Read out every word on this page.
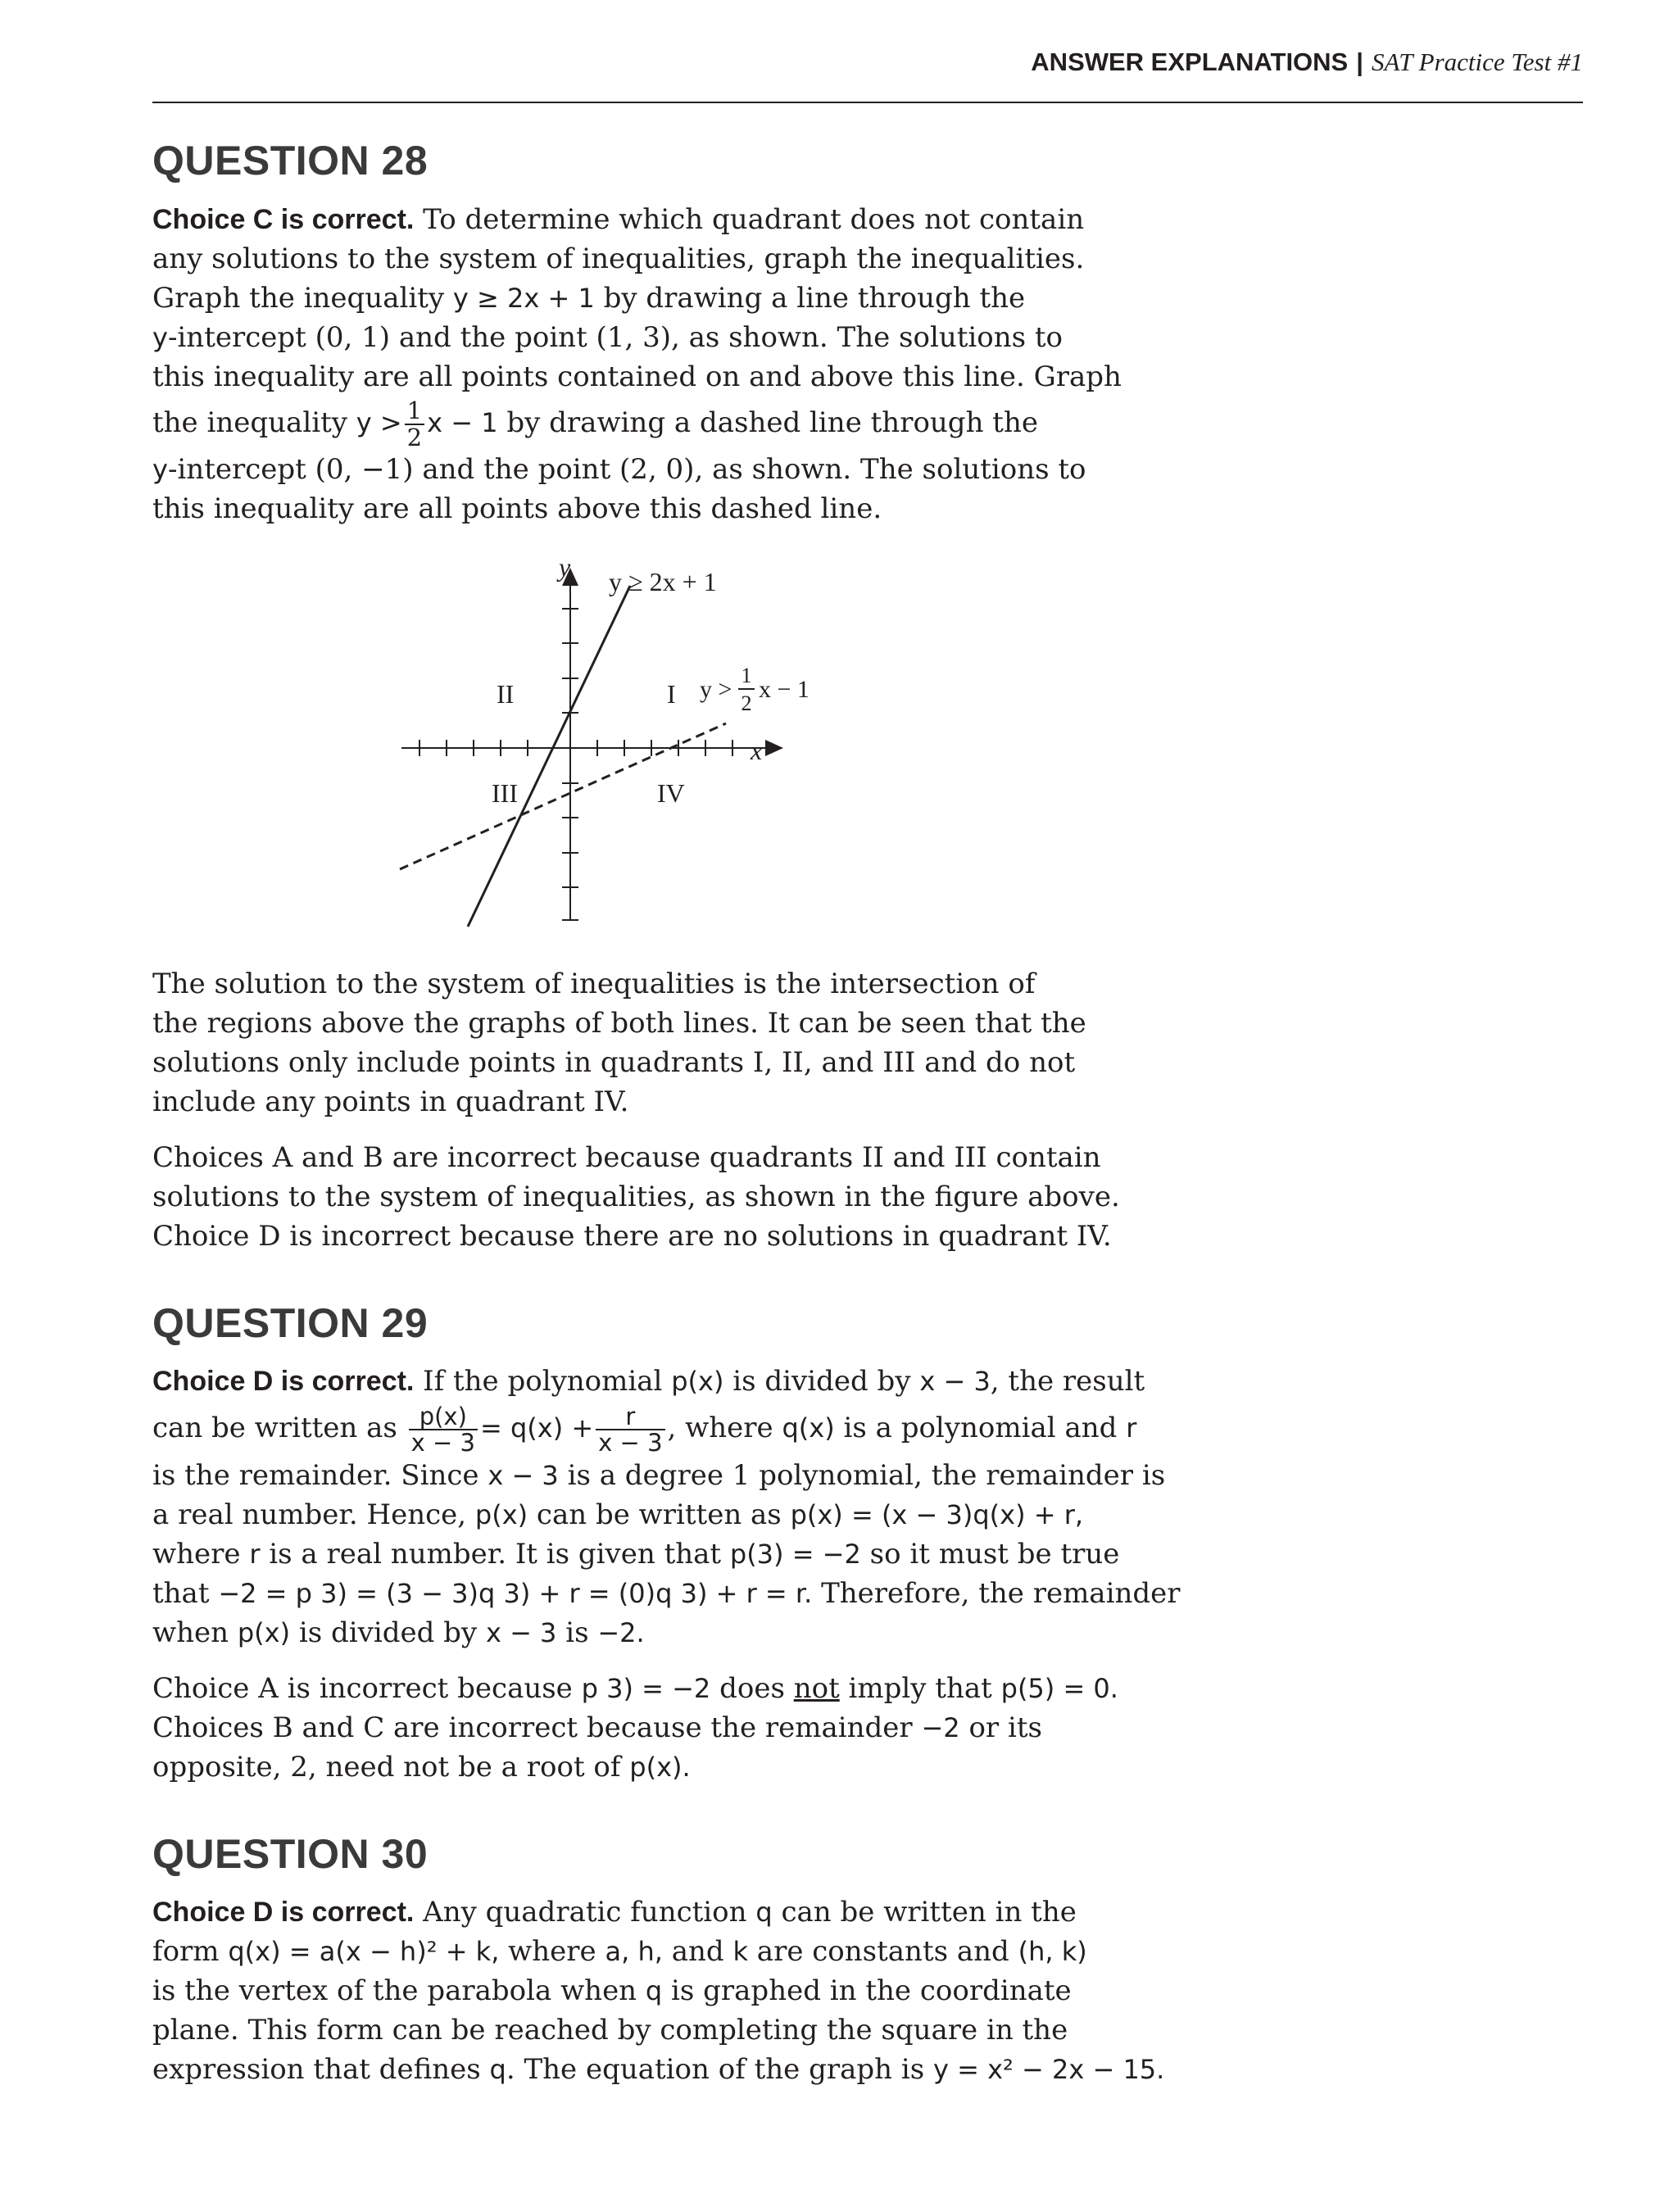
ANSWER EXPLANATIONS | SAT Practice Test #1
QUESTION 28

Choice C is correct. To determine which quadrant does not contain

any solutions to the system of inequalities, graph the inequalities.

Graph the inequality y ≥ 2x + 1 by drawing a line through the

y-intercept (0, 1) and the point (1, 3), as shown. The solutions to

this inequality are all points contained on and above this line. Graph

the inequality $y > \frac{1}{2}$ x − 1 by drawing a dashed line through the

y-intercept (0, −1) and the point (2, 0), as shown. The solutions to

this inequality are all points above this dashed line.

y
x
y ≥ 2x + 1
y >
1
2
x − 1
I
II
III	IV

The solution to the system of inequalities is the intersection of

the regions above the graphs of both lines. It can be seen that the

solutions only include points in quadrants I, II, and III and do not

include any points in quadrant IV.

Choices A and B are incorrect because quadrants II and III contain

solutions to the system of inequalities, as shown in the figure above.

Choice D is incorrect because there are no solutions in quadrant IV.

QUESTION 29

Choice D is correct. If the polynomial p(x) is divided by x − 3, the result

can be written as $\frac{p(x)}{x - 3} = q(x) + \frac{r}{x - 3}$ , where q(x) is a polynomial and r

is the remainder. Since x − 3 is a degree 1 polynomial, the remainder is

a real number. Hence, p(x) can be written as p(x) = (x − 3)q(x) + r,

where r is a real number. It is given that p(3) = −2 so it must be true

that −2 = p 3) = (3 − 3)q 3) + r = (0)q 3) + r = r. Therefore, the remainder

when p(x) is divided by x − 3 is −2.

Choice A is incorrect because p 3) = −2 does not imply that p(5) = 0.

Choices B and C are incorrect because the remainder −2 or its

opposite, 2, need not be a root of p(x).

QUESTION 30

Choice D is correct. Any quadratic function q can be written in the

form q(x) = a(x − h)² + k, where a, h, and k are constants and (h, k)

is the vertex of the parabola when q is graphed in the coordinate

plane. This form can be reached by completing the square in the

expression that defines q. The equation of the graph is y = x² − 2x − 15.
